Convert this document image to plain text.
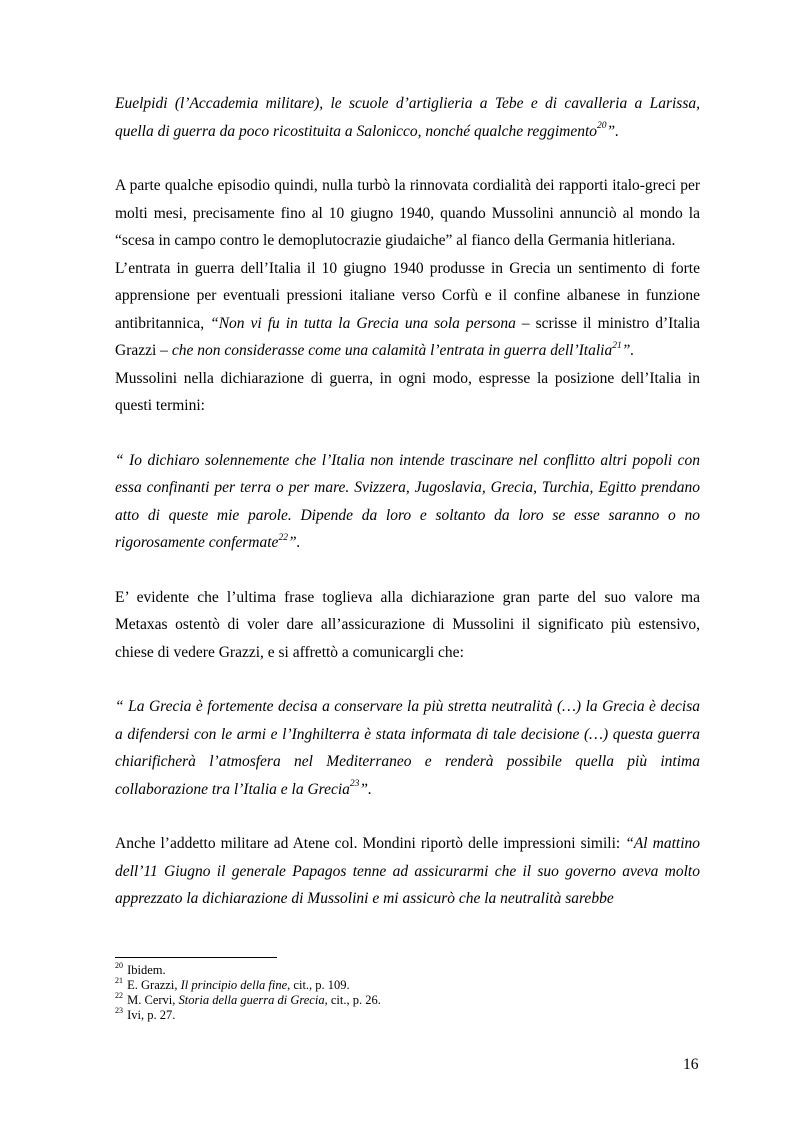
Euelpidi (l’Accademia militare), le scuole d’artiglieria a Tebe e di cavalleria a Larissa, quella di guerra da poco ricostituita a Salonicco, nonché qualche reggimento$^{20}$”.

A parte qualche episodio quindi, nulla turbò la rinnovata cordialità dei rapporti italo-greci per molti mesi, precisamente fino al 10 giugno 1940, quando Mussolini annunciò al mondo la “scesa in campo contro le demoplutocrazie giudaiche” al fianco della Germania hitleriana.

L’entrata in guerra dell’Italia il 10 giugno 1940 produsse in Grecia un sentimento di forte apprensione per eventuali pressioni italiane verso Corfù e il confine albanese in funzione antibritannica, “Non vi fu in tutta la Grecia una sola persona – scrisse il ministro d’Italia Grazzi – che non considerasse come una calamità l’entrata in guerra dell’Italia$^{21}$”.

Mussolini nella dichiarazione di guerra, in ogni modo, espresse la posizione dell’Italia in questi termini:

“ Io dichiaro solennemente che l’Italia non intende trascinare nel conflitto altri popoli con essa confinanti per terra o per mare. Svizzera, Jugoslavia, Grecia, Turchia, Egitto prendano atto di queste mie parole. Dipende da loro e soltanto da loro se esse saranno o no rigorosamente confermate$^{22}$”.

E’ evidente che l’ultima frase toglieva alla dichiarazione gran parte del suo valore ma Metaxas ostentò di voler dare all’assicurazione di Mussolini il significato più estensivo, chiese di vedere Grazzi, e si affrettò a comunicargli che:

“ La Grecia è fortemente decisa a conservare la più stretta neutralità (…) la Grecia è decisa a difendersi con le armi e l’Inghilterra è stata informata di tale decisione (…) questa guerra chiarificherà l’atmosfera nel Mediterraneo e renderà possibile quella più intima collaborazione tra l’Italia e la Grecia$^{23}$”.

Anche l’addetto militare ad Atene col. Mondini riportò delle impressioni simili: “Al mattino dell’11 Giugno il generale Papagos tenne ad assicurarmi che il suo governo aveva molto apprezzato la dichiarazione di Mussolini e mi assicurò che la neutralità sarebbe

$^{20}$ Ibidem.
$^{21}$ E. Grazzi, Il principio della fine, cit., p. 109.
$^{22}$ M. Cervi, Storia della guerra di Grecia, cit., p. 26.
$^{23}$ Ivi, p. 27.
16
